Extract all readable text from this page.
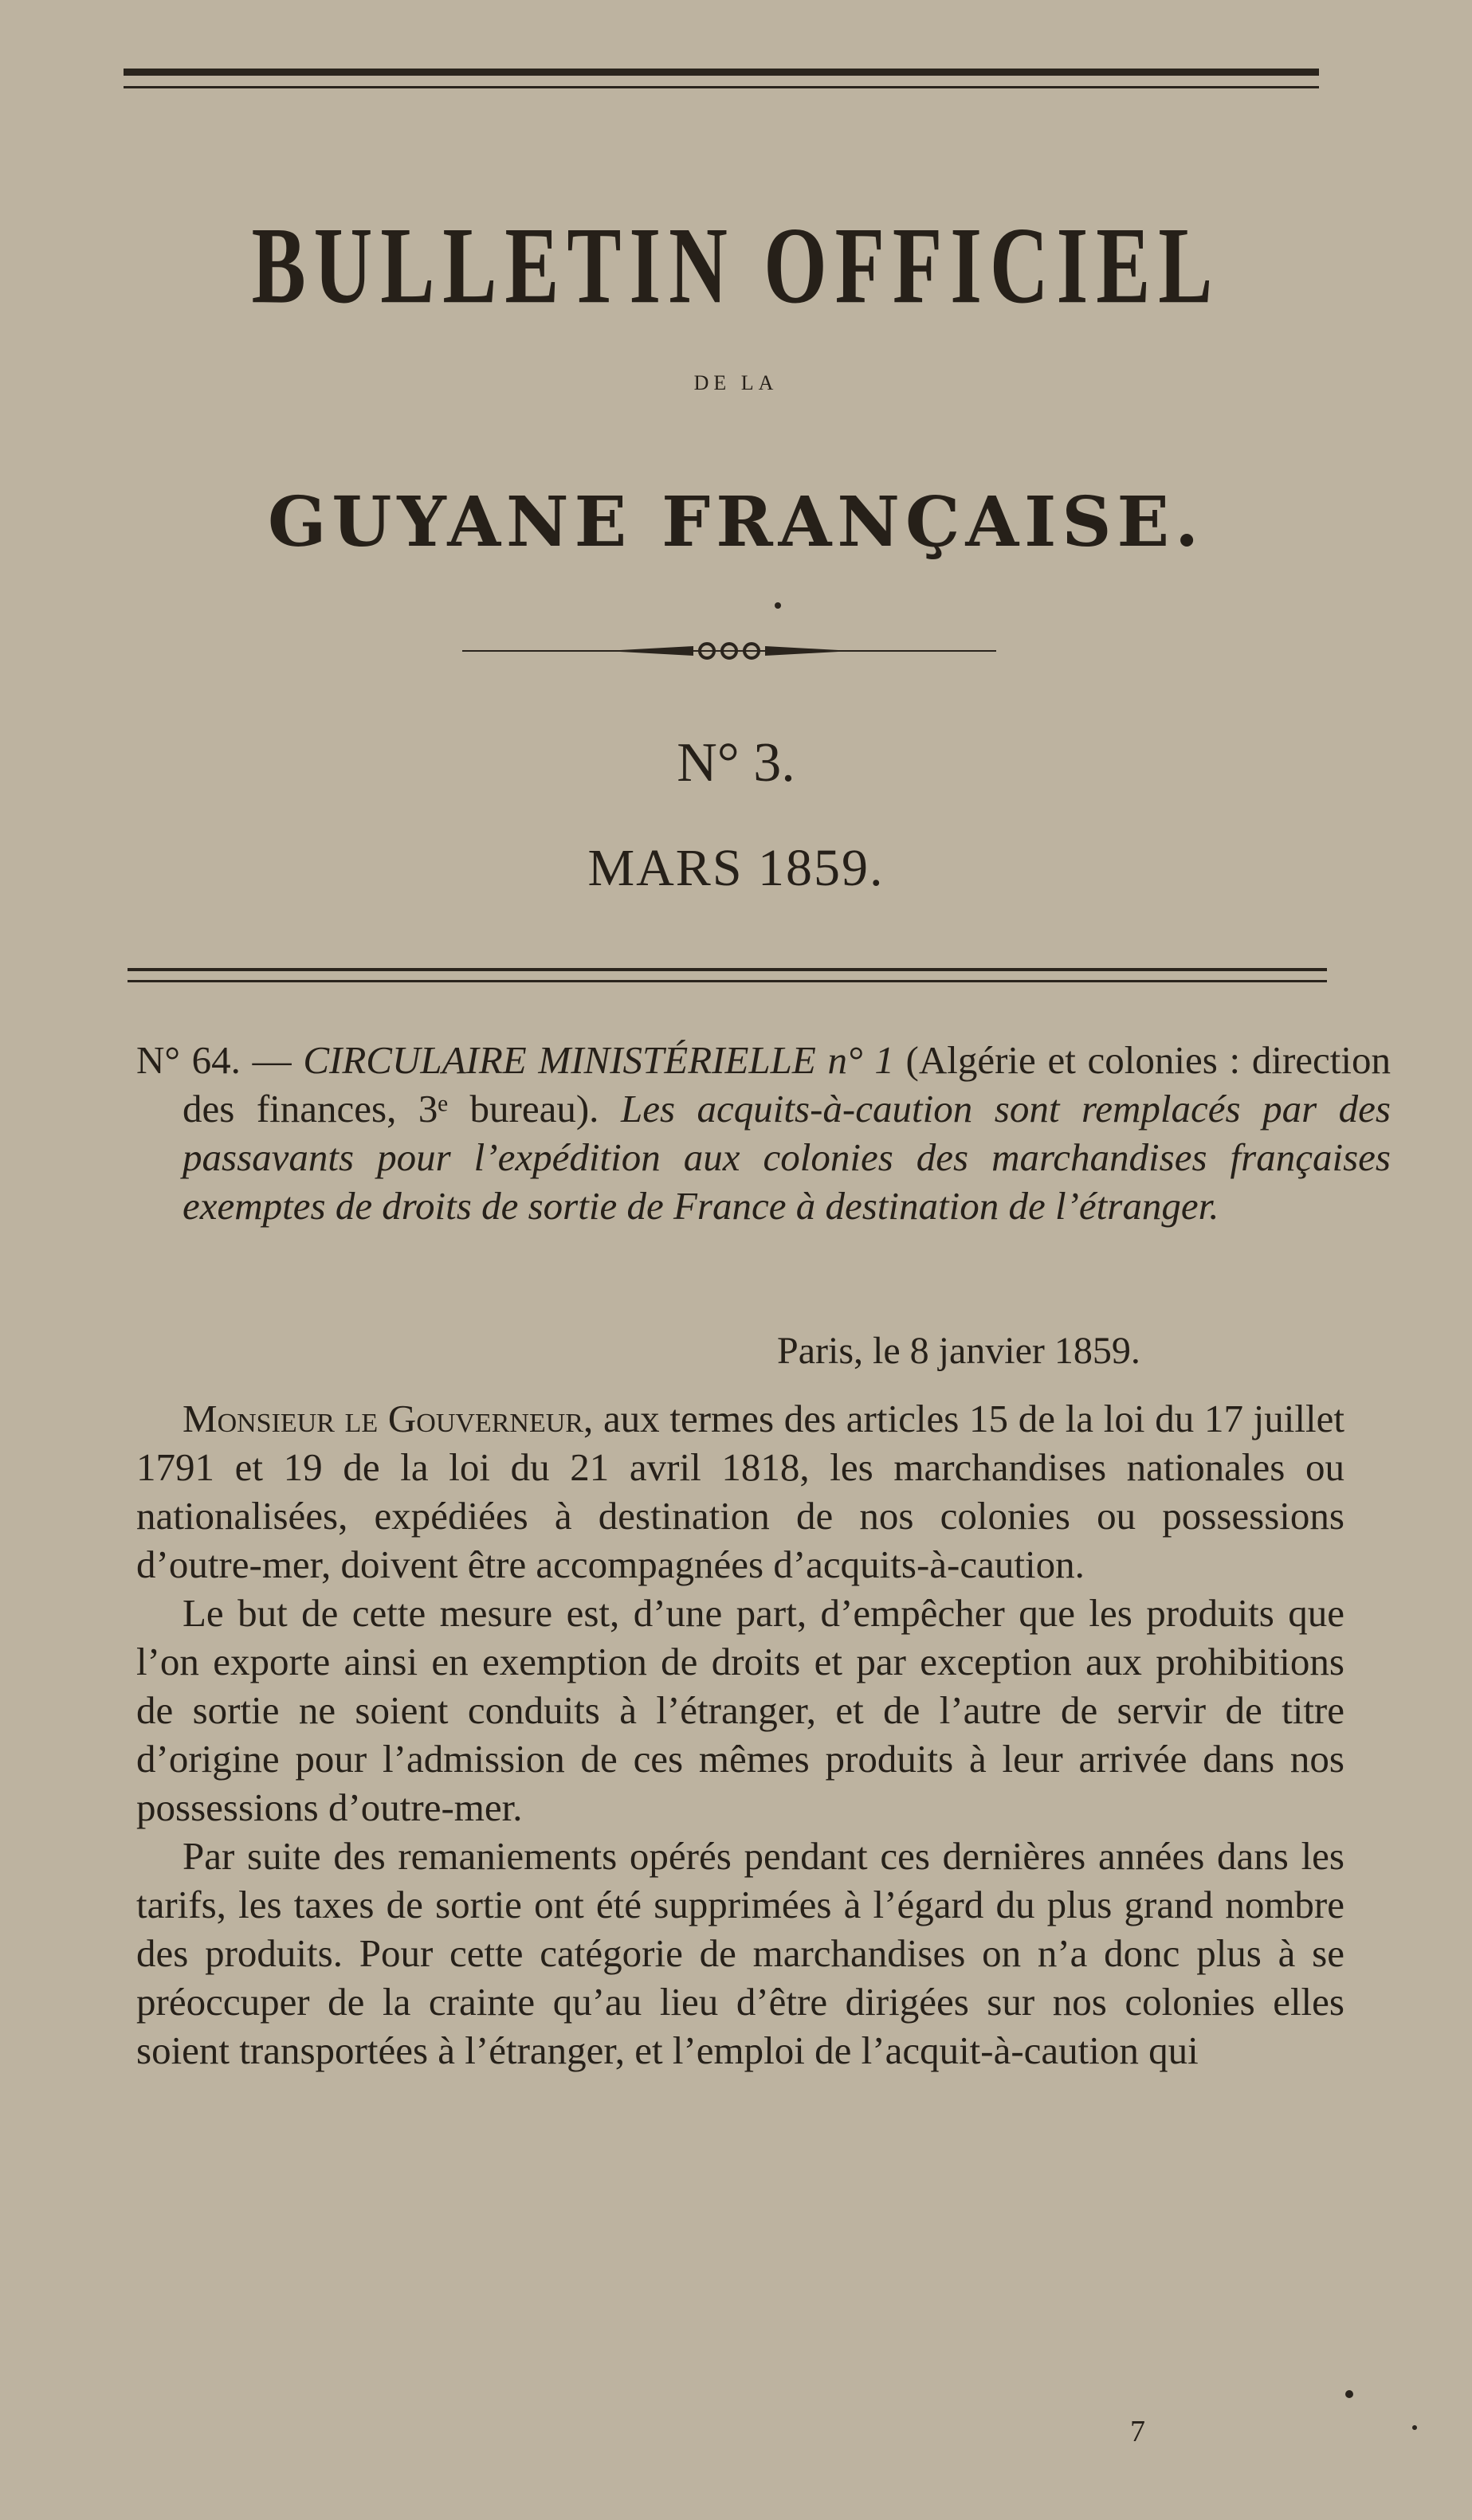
BULLETIN OFFICIEL
DE LA
GUYANE FRANÇAISE.
N° 3.
MARS 1859.
N° 64. — CIRCULAIRE MINISTÉRIELLE n° 1 (Algérie et colonies : direction des finances, 3ᵉ bureau). Les acquits-à-caution sont remplacés par des passavants pour l’expédition aux colonies des marchandises françaises exemptes de droits de sortie de France à destination de l’étranger.
Paris, le 8 janvier 1859.

Monsieur le Gouverneur, aux termes des articles 15 de la loi du 17 juillet 1791 et 19 de la loi du 21 avril 1818, les marchandises nationales ou nationalisées, expédiées à destination de nos colonies ou possessions d’outre-mer, doivent être accompagnées d’acquits-à-caution.

Le but de cette mesure est, d’une part, d’empêcher que les produits que l’on exporte ainsi en exemption de droits et par exception aux prohibitions de sortie ne soient conduits à l’étranger, et de l’autre de servir de titre d’origine pour l’admission de ces mêmes produits à leur arrivée dans nos possessions d’outre-mer.

Par suite des remaniements opérés pendant ces dernières années dans les tarifs, les taxes de sortie ont été supprimées à l’égard du plus grand nombre des produits. Pour cette catégorie de marchandises on n’a donc plus à se préoccuper de la crainte qu’au lieu d’être dirigées sur nos colonies elles soient transportées à l’étranger, et l’emploi de l’acquit-à-caution qui

7
